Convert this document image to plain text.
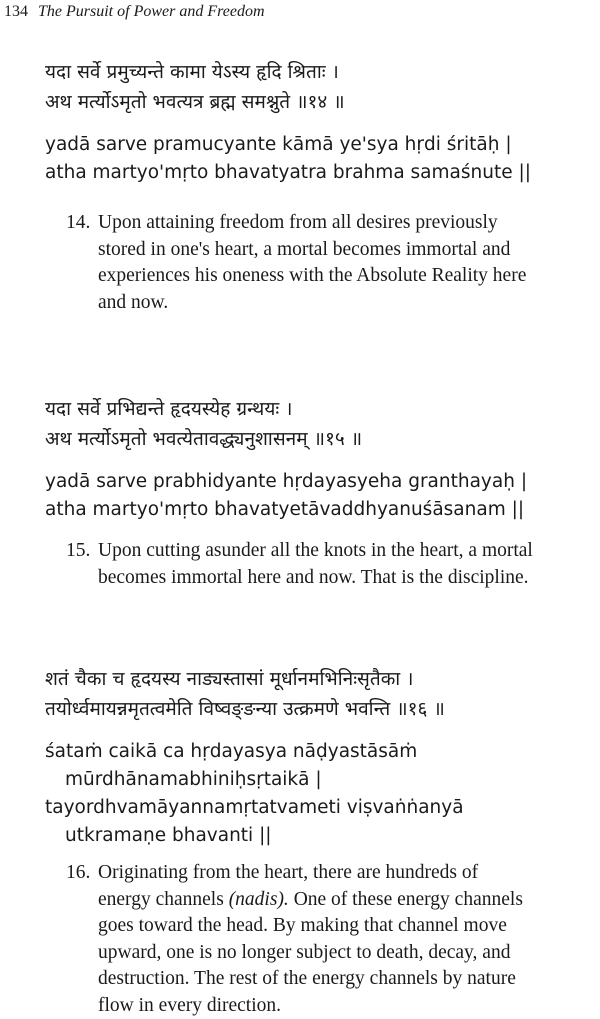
134 The Pursuit of Power and Freedom
यदा सर्वे प्रमुच्यन्ते कामा येऽस्य हृदि श्रिताः ।
अथ मर्त्योऽमृतो भवत्यत्र ब्रह्म समश्नुते ॥१४ ॥
yadā sarve pramucyante kāmā ye'sya hṛdi śritāḥ |
atha martyo'mṛto bhavatyatra brahma samaśnute ||
14. Upon attaining freedom from all desires previously
stored in one's heart, a mortal becomes immortal and
experiences his oneness with the Absolute Reality here
and now.
यदा सर्वे प्रभिद्यन्ते हृदयस्येह ग्रन्थयः ।
अथ मर्त्योऽमृतो भवत्येतावद्ध्यनुशासनम् ॥१५ ॥
yadā sarve prabhidyante hṛdayasyeha granthayaḥ |
atha martyo'mṛto bhavatyetāvaddhyanuśāsanam ||
15. Upon cutting asunder all the knots in the heart, a mortal
becomes immortal here and now. That is the discipline.
शतं चैका च हृदयस्य नाड्यस्तासां मूर्धानमभिनिःसृतैका ।
तयोर्ध्वमायन्नमृतत्वमेति विष्वङ्ङन्या उत्क्रमणे भवन्ति ॥१६ ॥
śataṁ caikā ca hṛdayasya nāḍyastāsāṁ
mūrdhānamabhiniḥsṛtaikā |
tayordhvamāyannamṛtatvameti viṣvaṅṅanyā
utkramaṇe bhavanti ||
16. Originating from the heart, there are hundreds of
energy channels (nadis). One of these energy channels
goes toward the head. By making that channel move
upward, one is no longer subject to death, decay, and
destruction. The rest of the energy channels by nature
flow in every direction.
